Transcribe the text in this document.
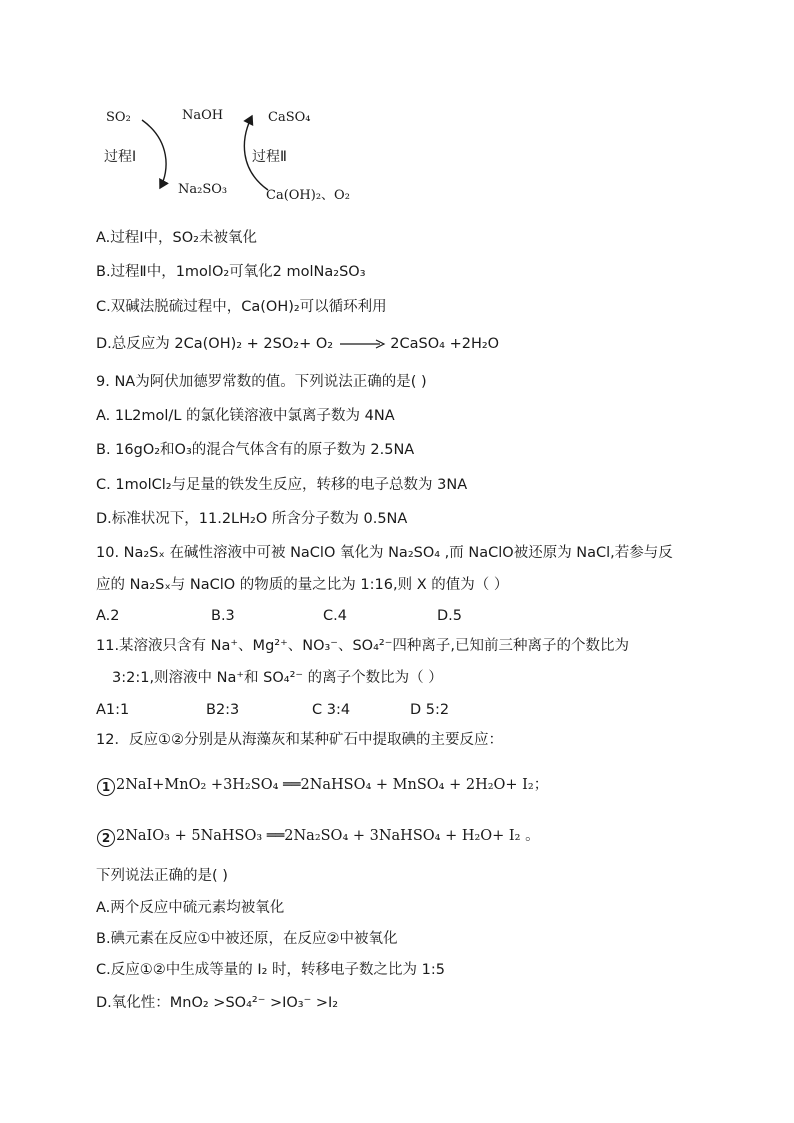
SO₂	NaOH	CaSO₄
过程Ⅰ	过程Ⅱ
Na₂SO₃	Ca(OH)₂、O₂
A.过程Ⅰ中，SO₂未被氧化
B.过程Ⅱ中，1molO₂可氧化2 molNa₂SO₃
C.双碱法脱硫过程中，Ca(OH)₂可以循环利用
D.总反应为 2Ca(OH)₂ + 2SO₂+ O₂	2CaSO₄ +2H₂O
9. NA为阿伏加德罗常数的值。下列说法正确的是( )
A. 1L2mol/L 的氯化镁溶液中氯离子数为 4NA
B. 16gO₂和O₃的混合气体含有的原子数为 2.5NA
C. 1molCl₂与足量的铁发生反应，转移的电子总数为 3NA
D.标准状况下，11.2LH₂O 所含分子数为 0.5NA
10. Na₂Sₓ 在碱性溶液中可被 NaClO 氧化为 Na₂SO₄ ,而 NaClO被还原为 NaCl,若参与反
应的 Na₂Sₓ与 NaClO 的物质的量之比为 1:16,则 X 的值为（ ）
A.2	B.3	C.4	D.5
11.某溶液只含有 Na⁺、Mg²⁺、NO₃⁻、SO₄²⁻四种离子,已知前三种离子的个数比为
3:2:1,则溶液中 Na⁺和 SO₄²⁻ 的离子个数比为（ ）
A1:1	B2:3	C 3:4	D 5:2
12．反应①②分别是从海藻灰和某种矿石中提取碘的主要反应：
1 2NaI+MnO₂ +3H₂SO₄ ══2NaHSO₄ + MnSO₄ + 2H₂O+ I₂；
2 2NaIO₃ + 5NaHSO₃ ══2Na₂SO₄ + 3NaHSO₄ + H₂O+ I₂ 。
下列说法正确的是( )
A.两个反应中硫元素均被氧化
B.碘元素在反应①中被还原，在反应②中被氧化
C.反应①②中生成等量的 I₂ 时，转移电子数之比为 1:5
D.氧化性：MnO₂ >SO₄²⁻ >IO₃⁻ >I₂
